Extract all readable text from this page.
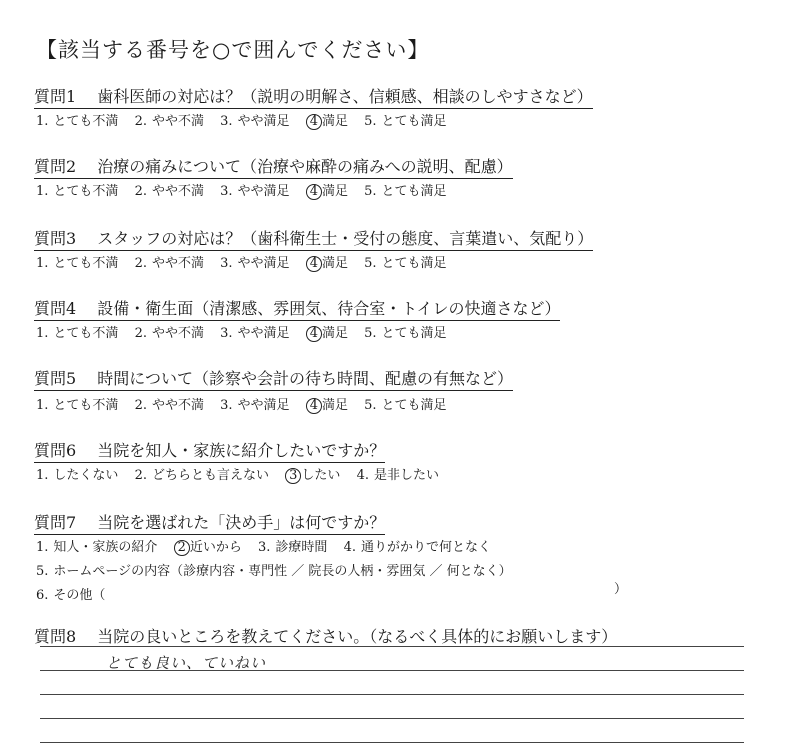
【該当する番号を○で囲んでください】
質問1　 歯科医師の対応は？（説明の明解さ、信頼感、相談のしやすさなど）
1. とても不満 2. やや不満 3. やや満足 4 満足 5. とても満足
質問2　 治療の痛みについて（治療や麻酔の痛みへの説明、配慮）
1. とても不満 2. やや不満 3. やや満足 4 満足 5. とても満足
質問3　 スタッフの対応は？（歯科衛生士・受付の態度、言葉遣い、気配り）
1. とても不満 2. やや不満 3. やや満足 4 満足 5. とても満足
質問4　 設備・衛生面（清潔感、雰囲気、待合室・トイレの快適さなど）
1. とても不満 2. やや不満 3. やや満足 4 満足 5. とても満足
質問5　 時間について（診察や会計の待ち時間、配慮の有無など）
1. とても不満 2. やや不満 3. やや満足 4 満足 5. とても満足
質問6　 当院を知人・家族に紹介したいですか？
1. したくない 2. どちらとも言えない 3 したい 4. 是非したい
質問7　 当院を選ばれた「決め手」は何ですか？
1. 知人・家族の紹介 2 近いから 3. 診療時間 4. 通りがかりで何となく
5. ホームページの内容（診療内容・専門性 ／ 院長の人柄・雰囲気 ／ 何となく）
6. その他（	）
質問8　 当院の良いところを教えてください。（なるべく具体的にお願いします）
とても良い、ていねい
